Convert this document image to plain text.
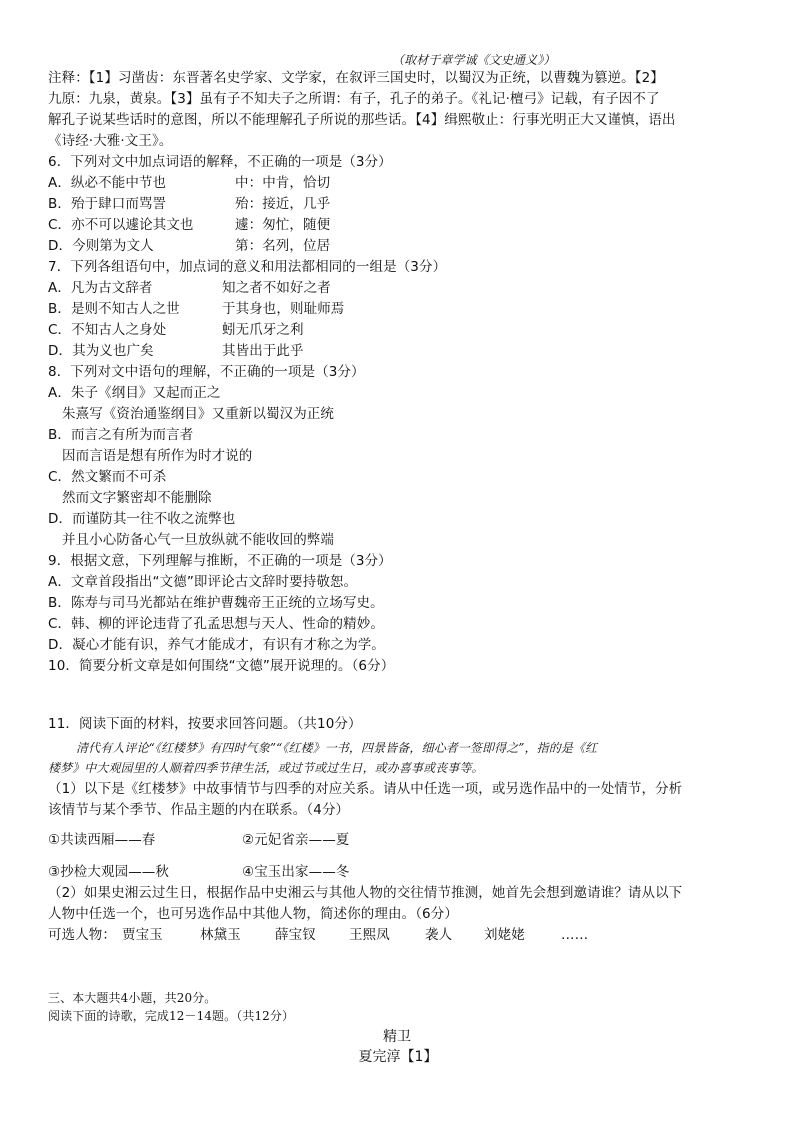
（取材于章学诚《文史通义》）
注释：【1】习凿齿：东晋著名史学家、文学家，在叙评三国史时，以蜀汉为正统，以曹魏为篡逆。【2】
九原：九泉，黄泉。【3】虽有子不知夫子之所谓：有子，孔子的弟子。《礼记·檀弓》记载，有子因不了
解孔子说某些话时的意图，所以不能理解孔子所说的那些话。【4】缉熙敬止：行事光明正大又谨慎，语出
《诗经·大雅·文王》。
6．下列对文中加点词语的解释，不正确的一项是（3分）
A．纵必不能中节也	中：中肯，恰切
B．殆于肆口而骂詈	殆：接近，几乎
C．亦不可以遽论其文也	遽：匆忙，随便
D．今则第为文人	第：名列，位居
7．下列各组语句中，加点词的意义和用法都相同的一组是（3分）
A．凡为古文辞者	知之者不如好之者
B．是则不知古人之世	于其身也，则耻师焉
C．不知古人之身处	蚓无爪牙之利
D．其为义也广矣	其皆出于此乎
8．下列对文中语句的理解，不正确的一项是（3分）
A．朱子《纲目》又起而正之
朱熹写《资治通鉴纲目》又重新以蜀汉为正统
B．而言之有所为而言者
因而言语是想有所作为时才说的
C．然文繁而不可杀
然而文字繁密却不能删除
D．而谨防其一往不收之流弊也
并且小心防备心气一旦放纵就不能收回的弊端
9．根据文意，下列理解与推断，不正确的一项是（3分）
A．文章首段指出“文德”即评论古文辞时要持敬恕。
B．陈寿与司马光都站在维护曹魏帝王正统的立场写史。
C．韩、柳的评论违背了孔孟思想与天人、性命的精妙。
D．凝心才能有识，养气才能成才，有识有才称之为学。
10．简要分析文章是如何围绕“文德”展开说理的。（6分）
11．阅读下面的材料，按要求回答问题。（共10分）
清代有人评论“《红楼梦》有四时气象”“《红楼》一书，四景皆备，细心者一签即得之”，指的是《红
楼梦》中大观园里的人顺着四季节律生活，或过节或过生日，或办喜事或丧事等。
（1）以下是《红楼梦》中故事情节与四季的对应关系。请从中任选一项，或另选作品中的一处情节，分析
该情节与某个季节、作品主题的内在联系。（4分）
①共读西厢——春	②元妃省亲——夏
③抄检大观园——秋	④宝玉出家——冬
（2）如果史湘云过生日，根据作品中史湘云与其他人物的交往情节推测，她首先会想到邀请谁？请从以下
人物中任选一个，也可另选作品中其他人物，简述你的理由。（6分）
可选人物： 贾宝玉	林黛玉	薛宝钗 王熙凤	袭人 刘姥姥	……
三、本大题共4小题，共20分。
阅读下面的诗歌，完成12－14题。（共12分）
精卫
夏完淳【1】
